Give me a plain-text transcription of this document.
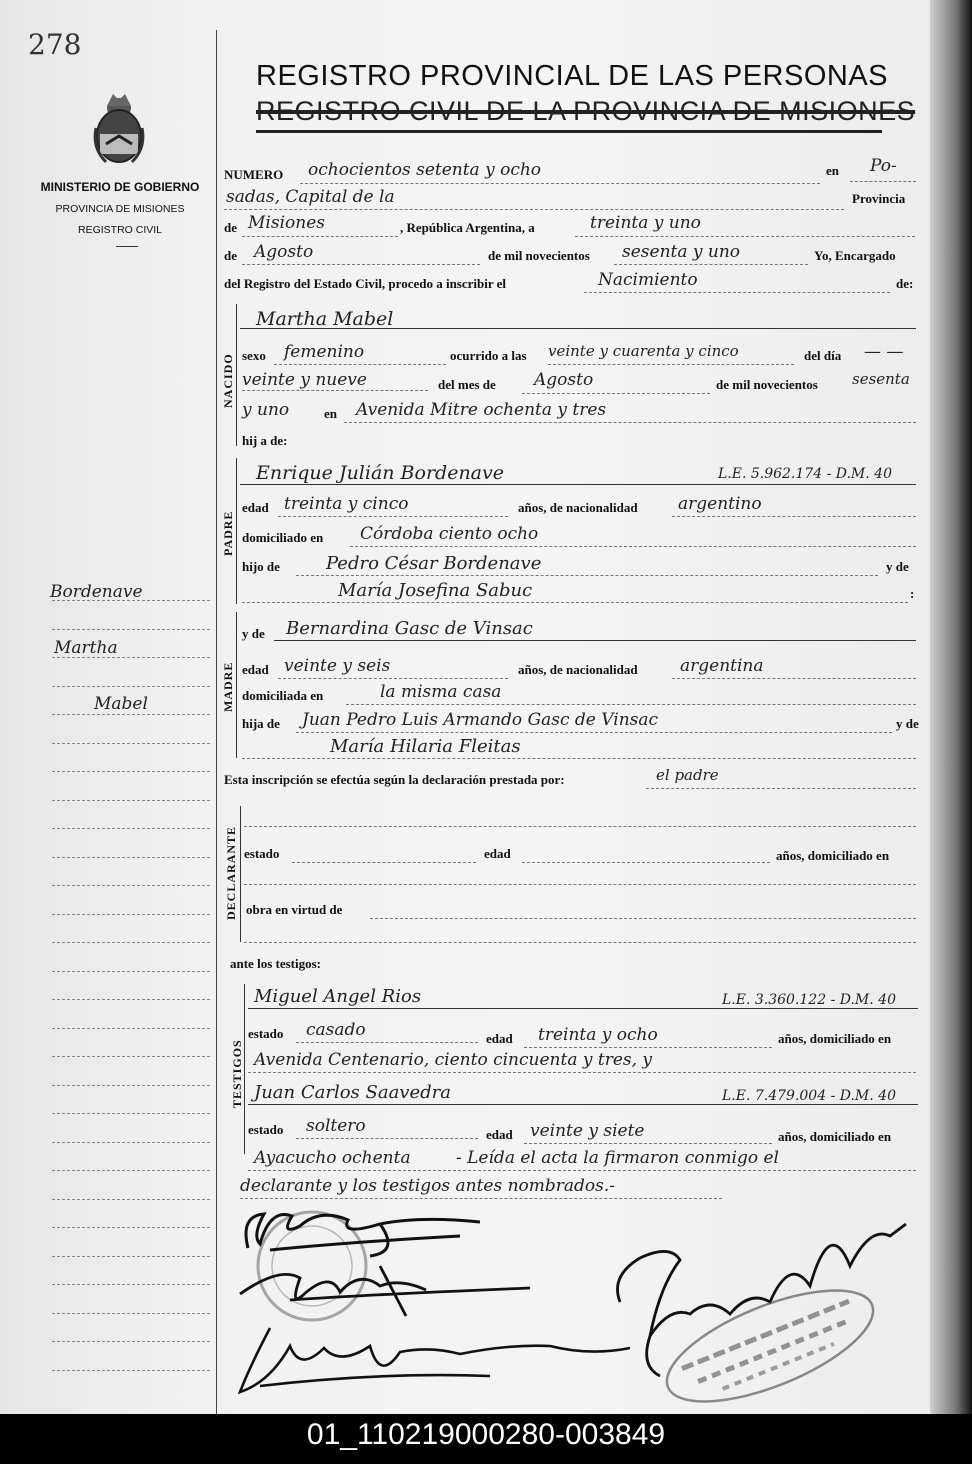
278
MINISTERIO DE GOBIERNO
PROVINCIA DE MISIONES
REGISTRO CIVIL
Bordenave
Martha
Mabel
REGISTRO PROVINCIAL DE LAS PERSONAS
REGISTRO CIVIL DE LA PROVINCIA DE MISIONES
NUMERO ochocientos setenta y ocho	en Po-
sadas, Capital de la	Provincia
de Misiones	, República Argentina, a	treinta y uno
de Agosto	de mil novecientos sesenta y uno	Yo, Encargado
del Registro del Estado Civil, procedo a inscribir el	Nacimiento	de:
NACIDO
Martha Mabel
sexo femenino	ocurrido a las veinte y cuarenta y cinco	del día — —
veinte y nueve	del mes de Agosto	de mil novecientos sesenta
y uno	en Avenida Mitre ochenta y tres
hij a de:
PADRE
Enrique Julián Bordenave	L.E. 5.962.174 - D.M. 40
edad treinta y cinco	años, de nacionalidad argentino
domiciliado en Córdoba ciento ocho
hijo de	Pedro César Bordenave	y de
María Josefina Sabuc	:
MADRE
y de Bernardina Gasc de Vinsac
edad veinte y seis	años, de nacionalidad argentina
domiciliada en	la misma casa
hija de Juan Pedro Luis Armando Gasc de Vinsac	y de
María Hilaria Fleitas
Esta inscripción se efectúa según la declaración prestada por:	el padre
DECLARANTE estado	edad	años, domiciliado en
obra en virtud de
ante los testigos:
TESTIGOS
Miguel Angel Rios	L.E. 3.360.122 - D.M. 40
estado casado	edad treinta y ocho	años, domiciliado en
Avenida Centenario, ciento cincuenta y tres, y
Juan Carlos Saavedra	L.E. 7.479.004 - D.M. 40
estado soltero	edad veinte y siete	años, domiciliado en
Ayacucho ochenta	- Leída el acta la firmaron conmigo el
declarante y los testigos antes nombrados.-
01_110219000280-003849
